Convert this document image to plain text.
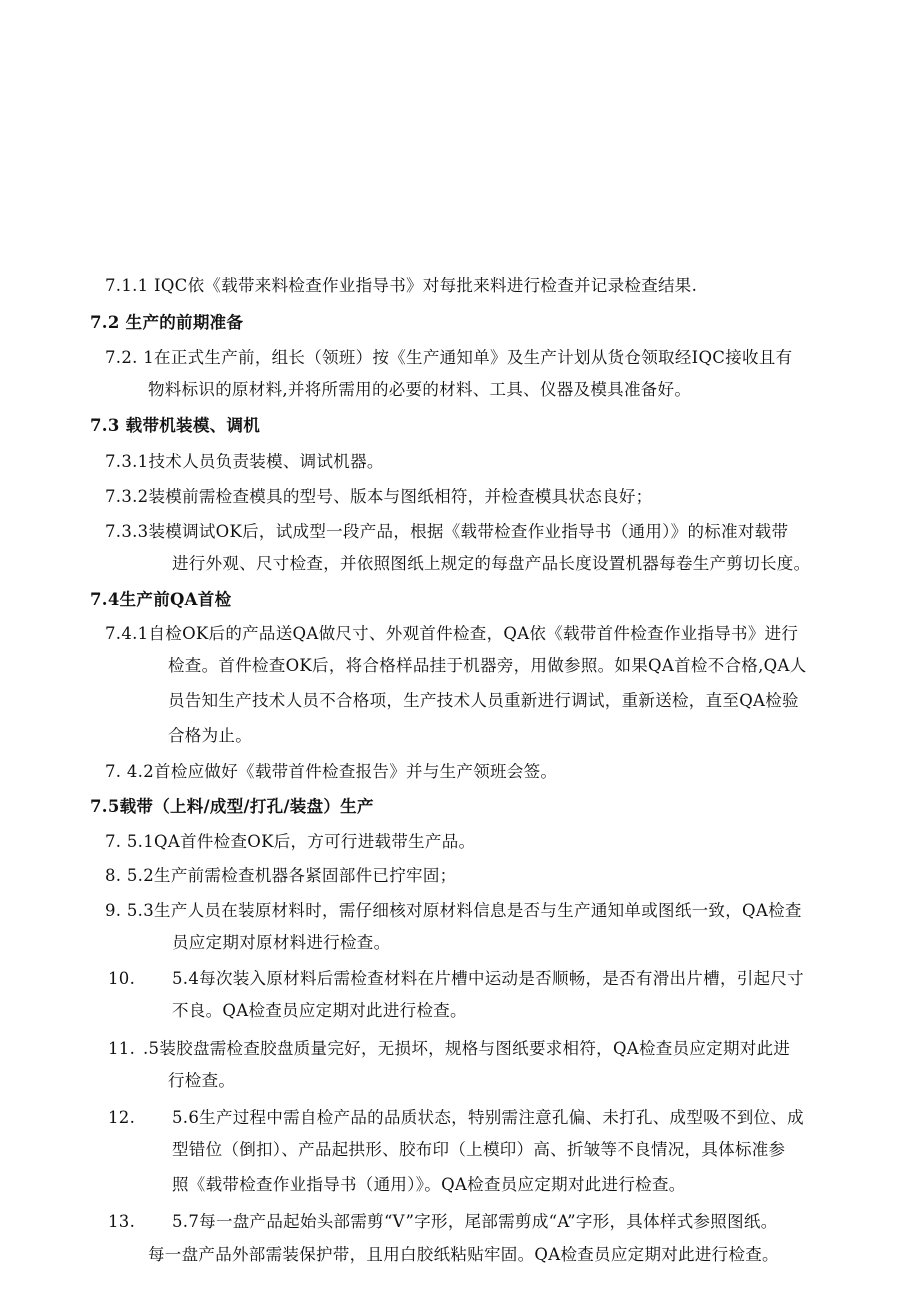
7.1.1 IQC依《载带来料检查作业指导书》对每批来料进行检查并记录检查结果.
7.2 生产的前期准备
7.2. 1在正式生产前，组长（领班）按《生产通知单》及生产计划从货仓领取经IQC接收且有
物料标识的原材料,并将所需用的必要的材料、工具、仪器及模具准备好。
7.3 载带机装模、调机
7.3.1技术人员负责装模、调试机器。
7.3.2装模前需检查模具的型号、版本与图纸相符，并检查模具状态良好；
7.3.3装模调试OK后，试成型一段产品，根据《载带检查作业指导书（通用）》的标准对载带
进行外观、尺寸检查，并依照图纸上规定的每盘产品长度设置机器每卷生产剪切长度。
7.4生产前QA首检
7.4.1自检OK后的产品送QA做尺寸、外观首件检查，QA依《载带首件检查作业指导书》进行
检查。首件检查OK后，将合格样品挂于机器旁，用做参照。如果QA首检不合格,QA人
员告知生产技术人员不合格项，生产技术人员重新进行调试，重新送检，直至QA检验
合格为止。
7. 4.2首检应做好《载带首件检查报告》并与生产领班会签。
7.5载带（上料/成型/打孔/装盘）生产
7. 5.1QA首件检查OK后，方可行进载带生产品。
8. 5.2生产前需检查机器各紧固部件已拧牢固；
9. 5.3生产人员在装原材料时，需仔细核对原材料信息是否与生产通知单或图纸一致，QA检查
员应定期对原材料进行检查。
10. 5.4每次装入原材料后需检查材料在片槽中运动是否顺畅，是否有滑出片槽，引起尺寸
不良。QA检查员应定期对此进行检查。
11. .5装胶盘需检查胶盘质量完好，无损坏，规格与图纸要求相符，QA检查员应定期对此进
行检查。
12. 5.6生产过程中需自检产品的品质状态，特别需注意孔偏、未打孔、成型吸不到位、成
型错位（倒扣）、产品起拱形、胶布印（上模印）高、折皱等不良情况，具体标准参
照《载带检查作业指导书（通用）》。QA检查员应定期对此进行检查。
13. 5.7每一盘产品起始头部需剪“V”字形，尾部需剪成“A”字形，具体样式参照图纸。
每一盘产品外部需装保护带，且用白胶纸粘贴牢固。QA检查员应定期对此进行检查。
